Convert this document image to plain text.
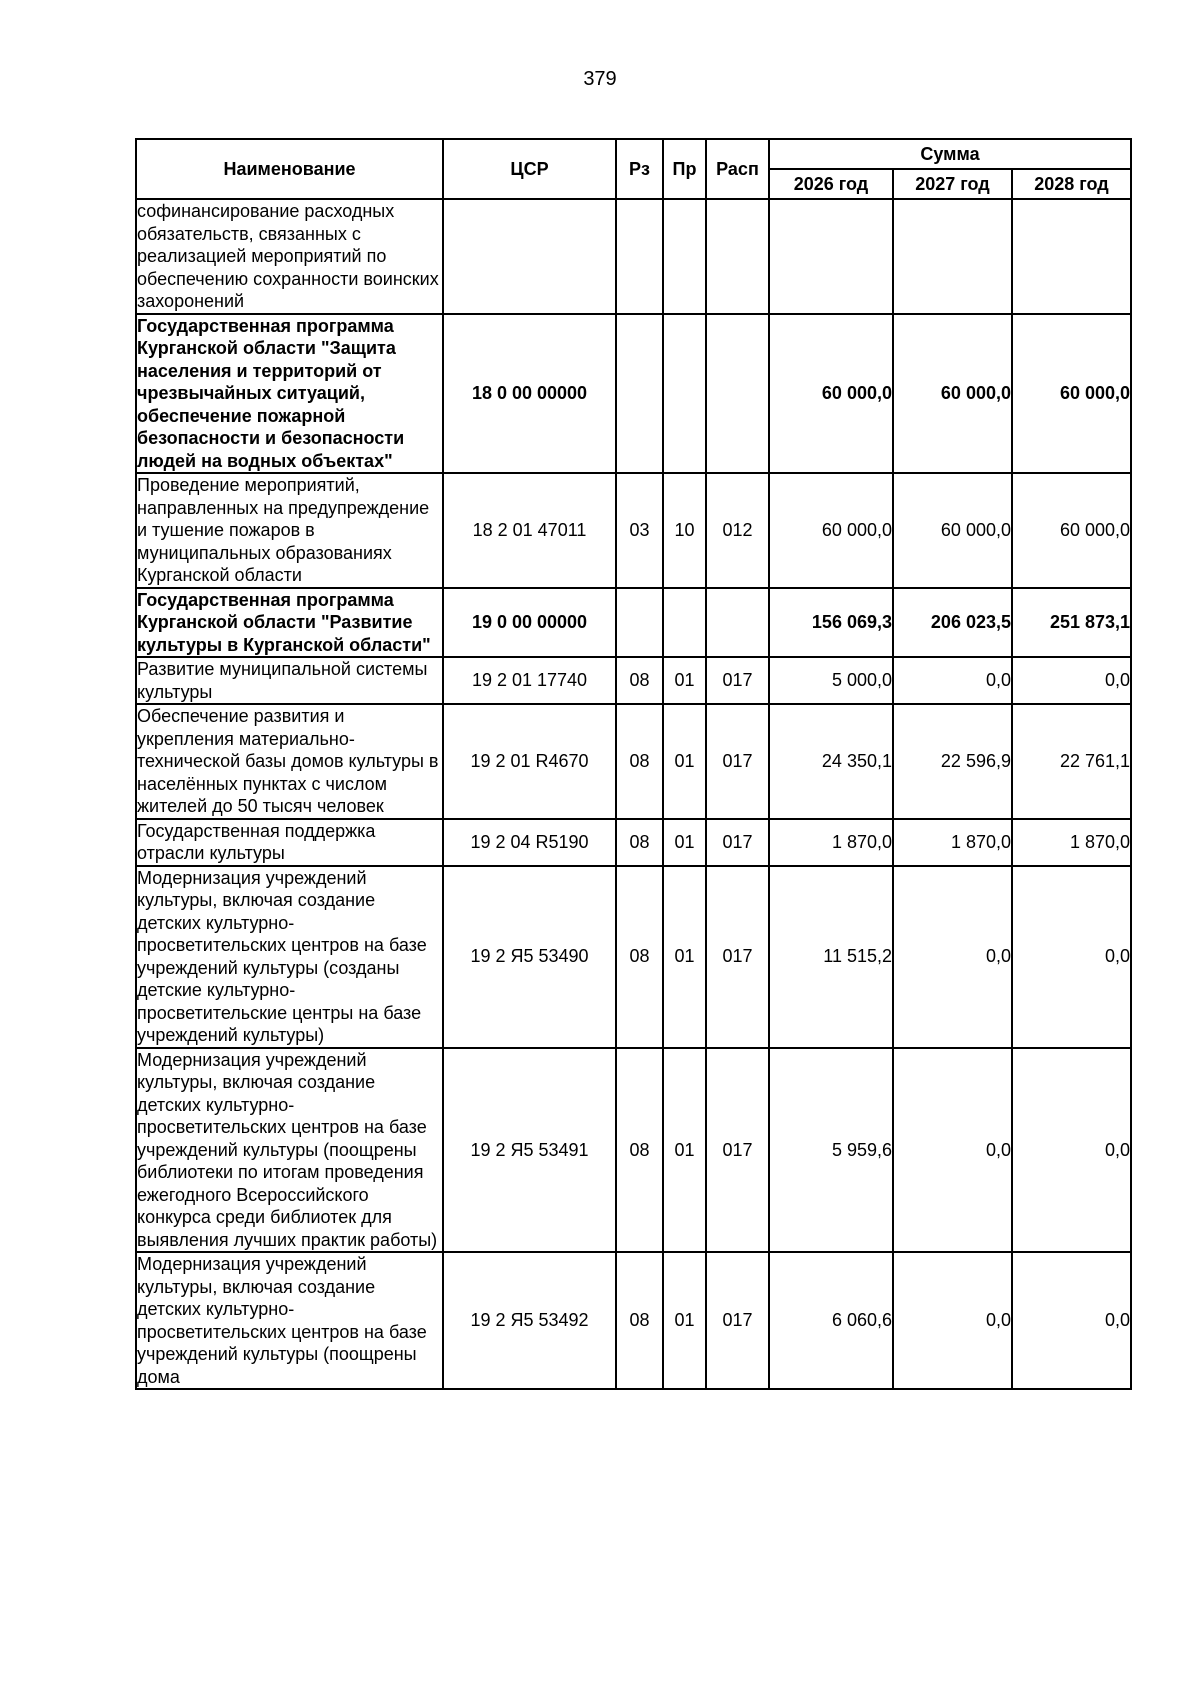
379
Наименование	ЦСР	Рз	Пр	Расп	Сумма		
					2026 год	2027 год	2028 год
софинансирование расходных обязательств, связанных с реализацией мероприятий по обеспечению сохранности воинских захоронений							
Государственная программа Курганской области "Защита населения и территорий от чрезвычайных ситуаций, обеспечение пожарной безопасности и безопасности людей на водных объектах"	18 0 00 00000				60 000,0	60 000,0	60 000,0
Проведение мероприятий, направленных на предупреждение и тушение пожаров в муниципальных образованиях Курганской области	18 2 01 47011	03	10	012	60 000,0	60 000,0	60 000,0
Государственная программа Курганской области "Развитие культуры в Курганской области"	19 0 00 00000				156 069,3	206 023,5	251 873,1
Развитие муниципальной системы культуры	19 2 01 17740	08	01	017	5 000,0	0,0	0,0
Обеспечение развития и укрепления материально-технической базы домов культуры в населённых пунктах с числом жителей до 50 тысяч человек	19 2 01 R4670	08	01	017	24 350,1	22 596,9	22 761,1
Государственная поддержка отрасли культуры	19 2 04 R5190	08	01	017	1 870,0	1 870,0	1 870,0
Модернизация учреждений культуры, включая создание детских культурно-просветительских центров на базе учреждений культуры (созданы детские культурно-просветительские центры на базе учреждений культуры)	19 2 Я5 53490	08	01	017	11 515,2	0,0	0,0
Модернизация учреждений культуры, включая создание детских культурно-просветительских центров на базе учреждений культуры (поощрены библиотеки по итогам проведения ежегодного Всероссийского конкурса среди библиотек для выявления лучших практик работы)	19 2 Я5 53491	08	01	017	5 959,6	0,0	0,0
Модернизация учреждений культуры, включая создание детских культурно-просветительских центров на базе учреждений культуры (поощрены дома	19 2 Я5 53492	08	01	017	6 060,6	0,0	0,0
